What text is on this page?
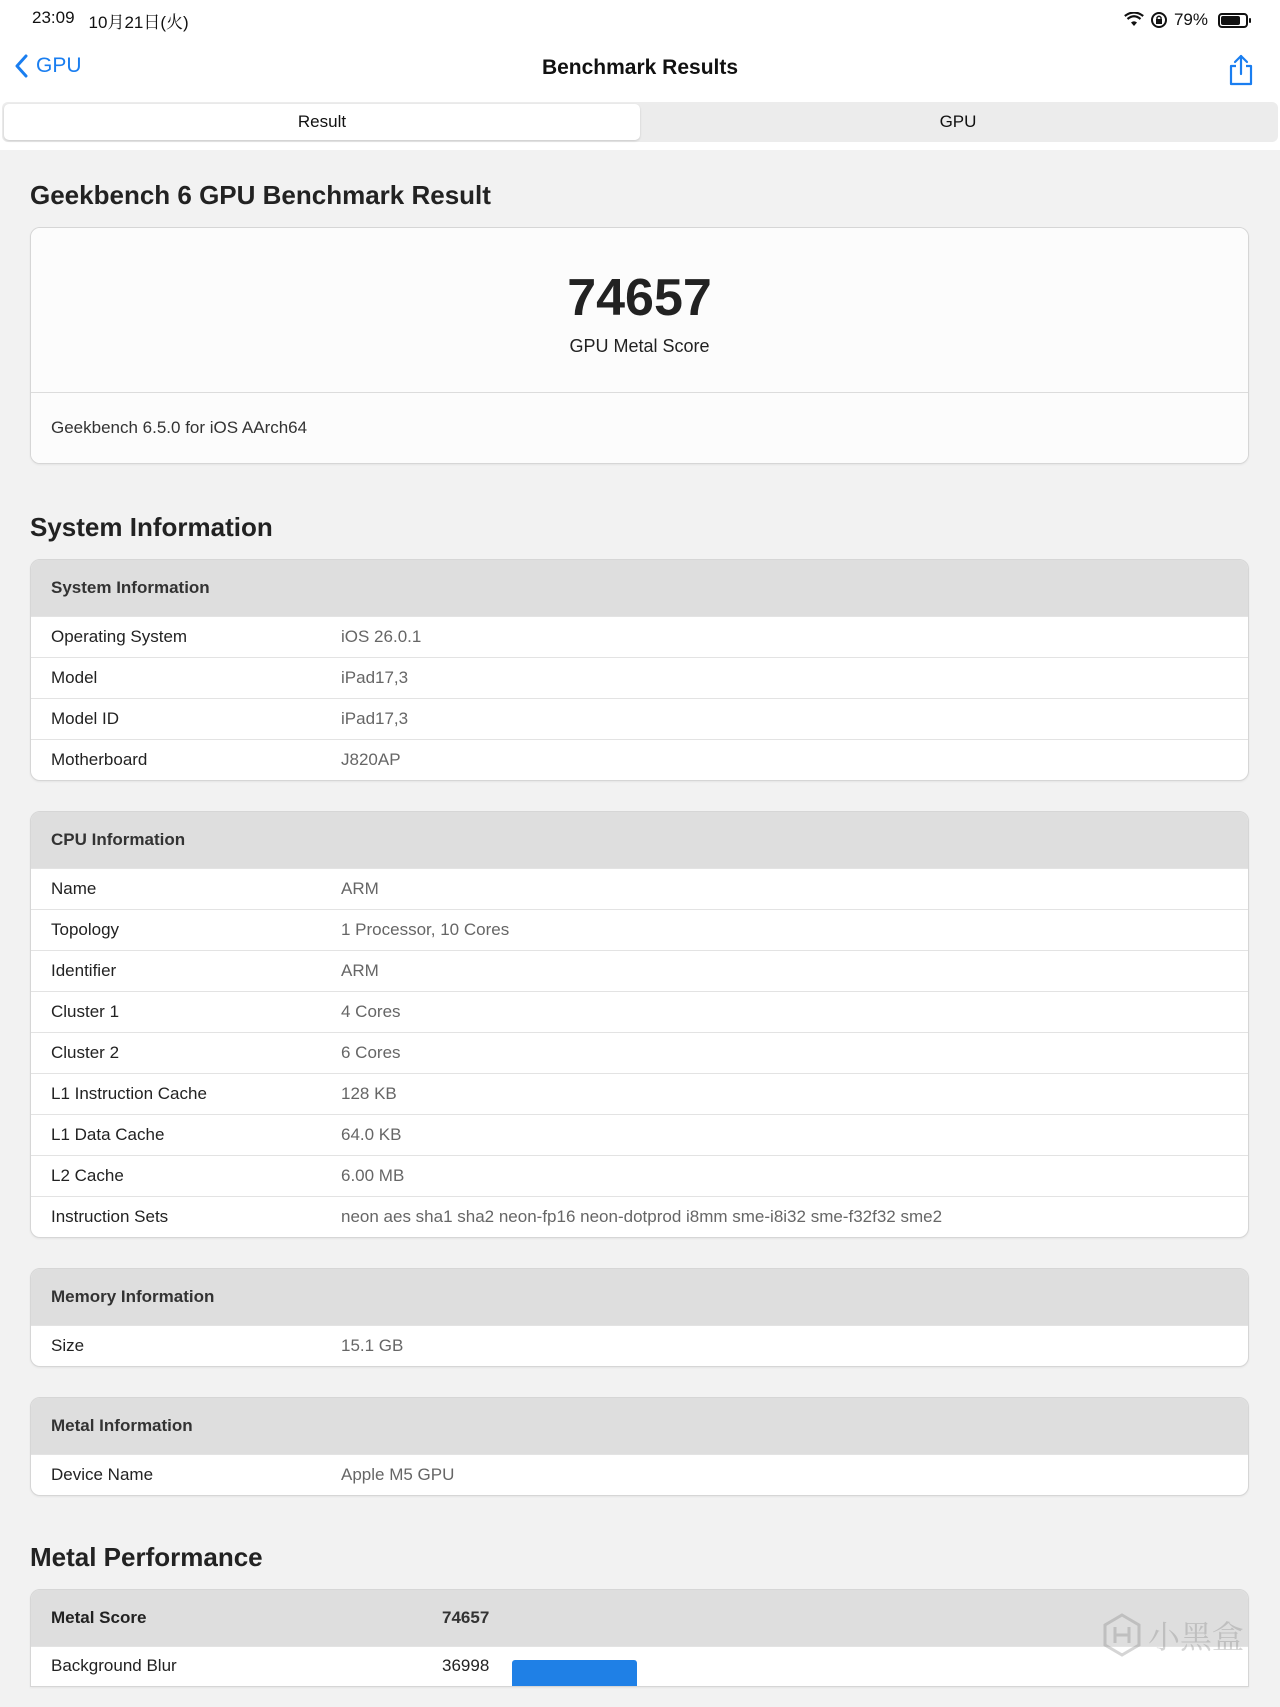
23:09 10月21日(火)	79%
GPU	Benchmark Results
Result	GPU
Geekbench 6 GPU Benchmark Result
74657
GPU Metal Score
Geekbench 6.5.0 for iOS AArch64
System Information
System Information
Operating System	iOS 26.0.1
Model	iPad17,3
Model ID	iPad17,3
Motherboard	J820AP
CPU Information
Name	ARM
Topology	1 Processor, 10 Cores
Identifier	ARM
Cluster 1	4 Cores
Cluster 2	6 Cores
L1 Instruction Cache	128 KB
L1 Data Cache	64.0 KB
L2 Cache	6.00 MB
Instruction Sets	neon aes sha1 sha2 neon-fp16 neon-dotprod i8mm sme-i8i32 sme-f32f32 sme2
Memory Information
Size	15.1 GB
Metal Information
Device Name	Apple M5 GPU
Metal Performance
Metal Score	74657
Background Blur	36998
小黑盒
